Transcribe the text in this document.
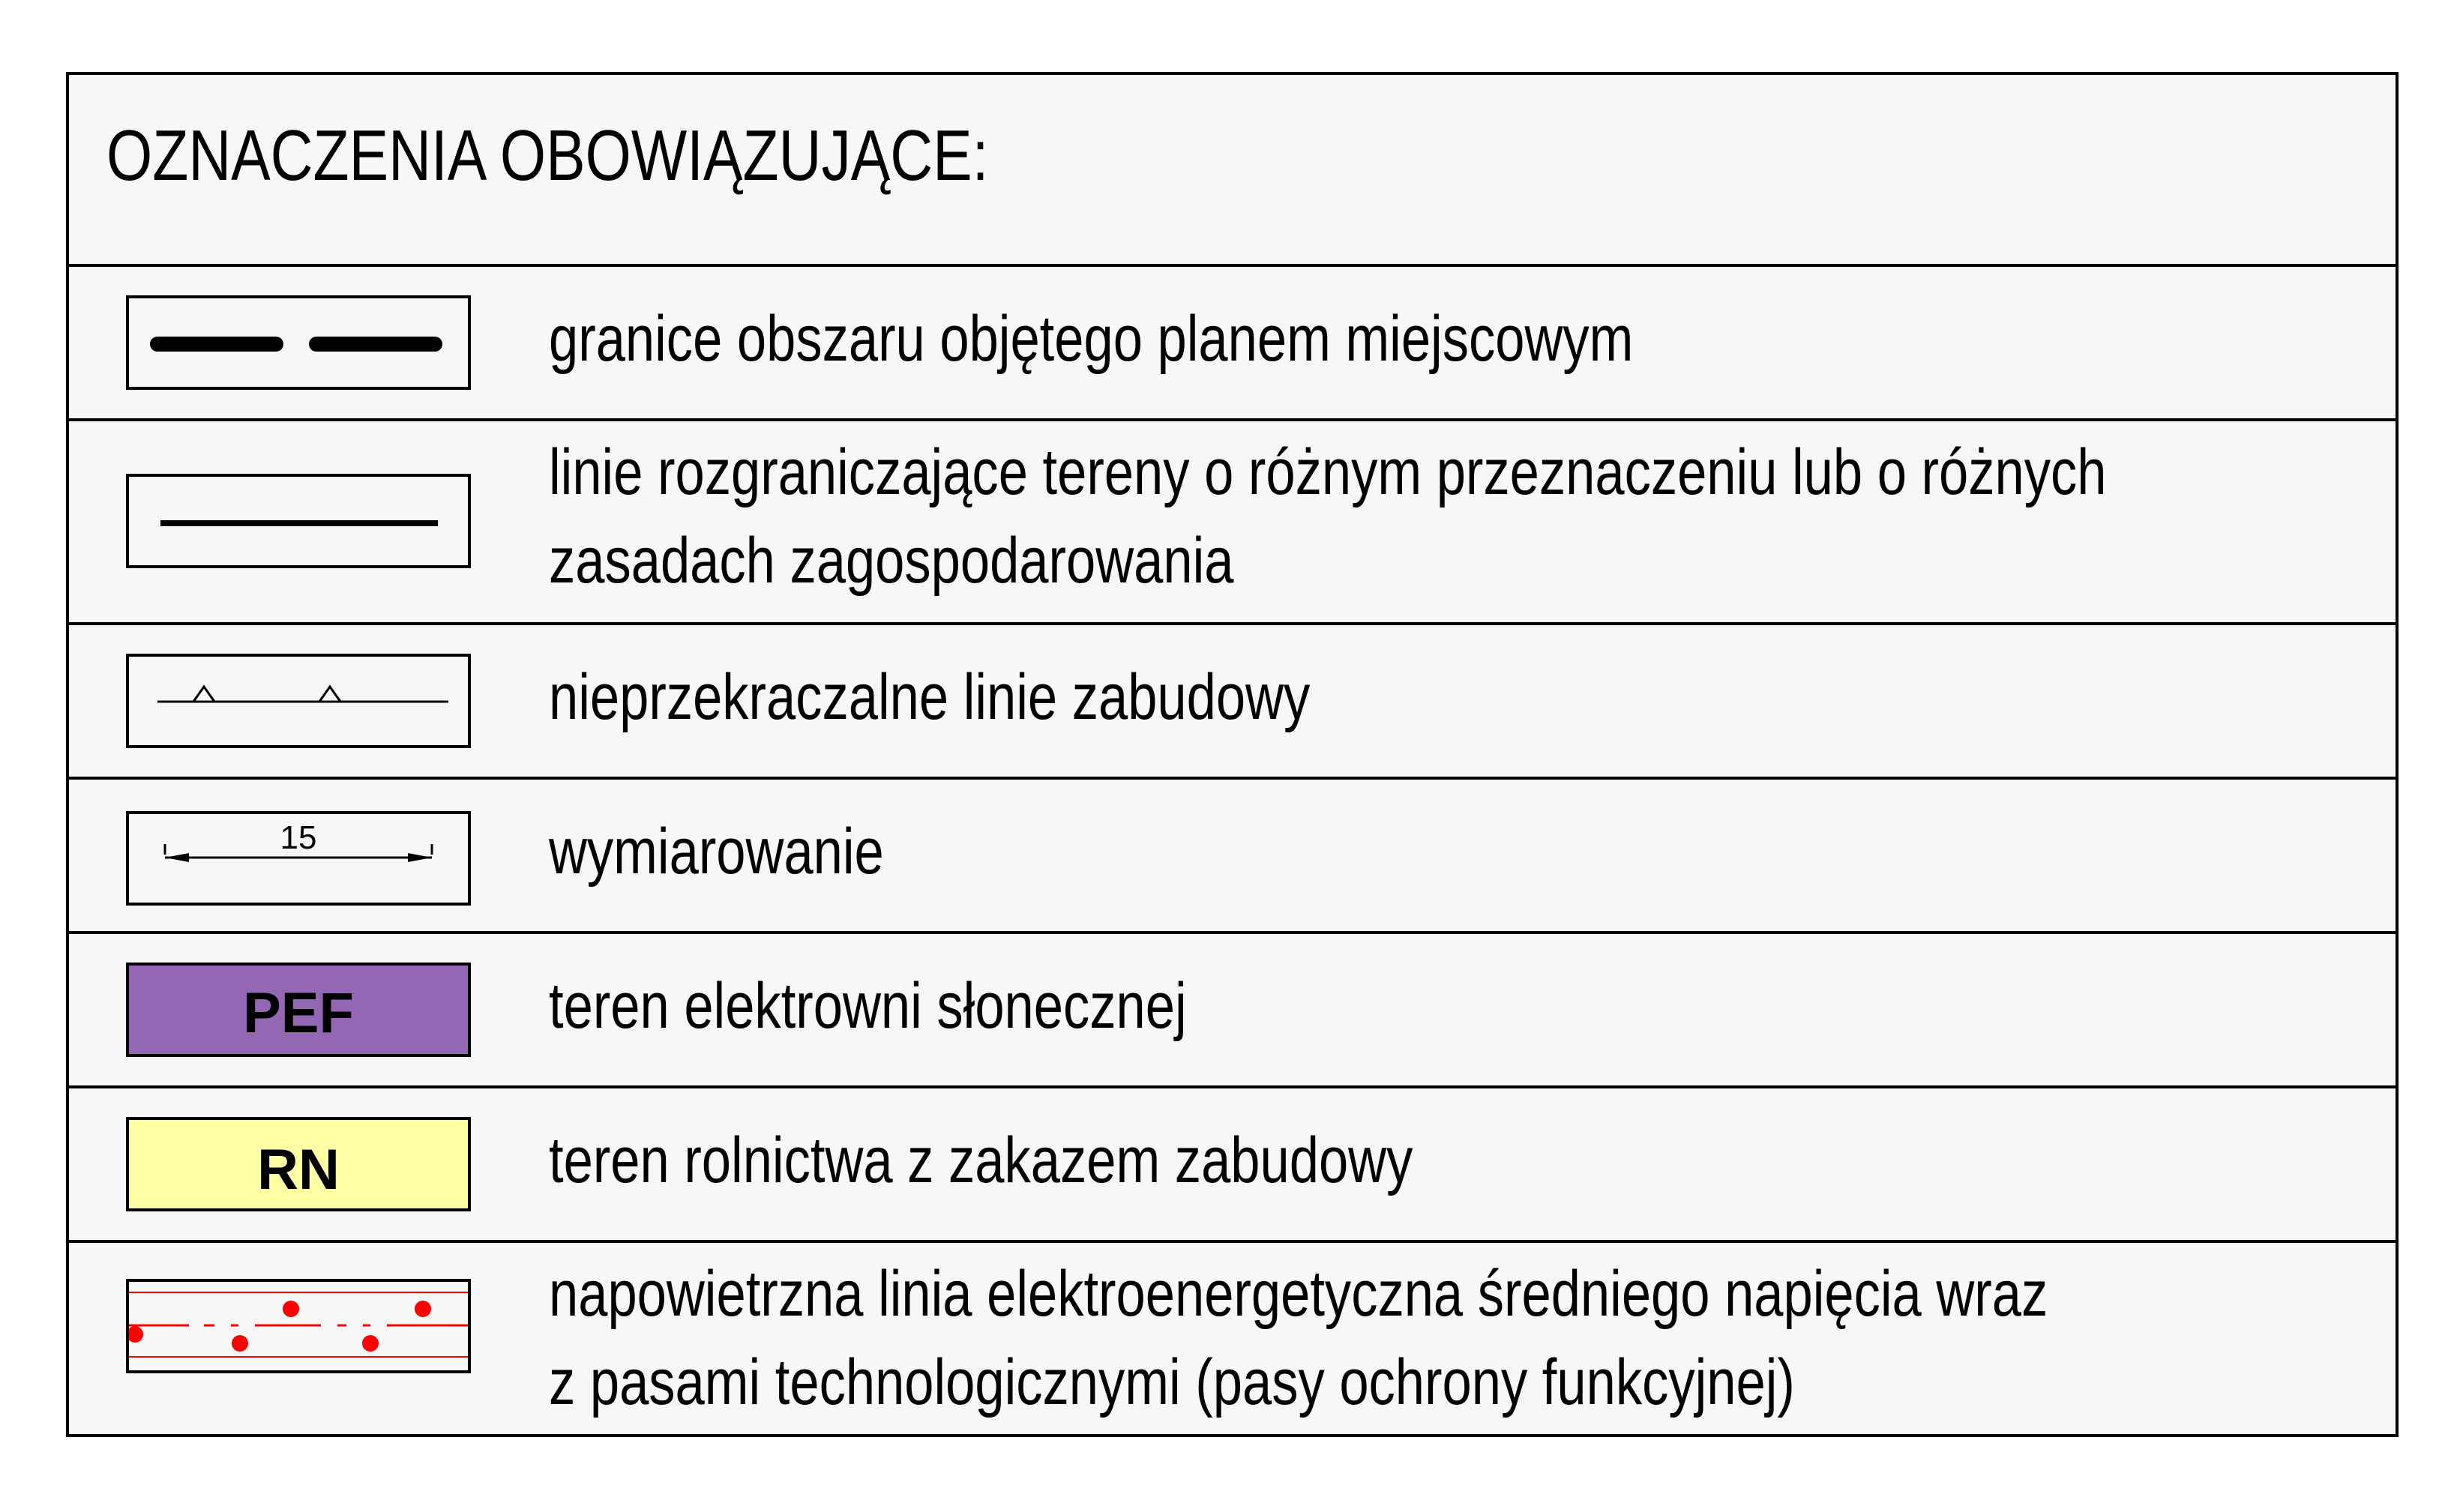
OZNACZENIA OBOWIĄZUJĄCE:
granice obszaru objętego planem miejscowym
linie rozgraniczające tereny o różnym przeznaczeniu lub o różnych
zasadach zagospodarowania
nieprzekraczalne linie zabudowy
15	wymiarowanie
PEF	teren elektrowni słonecznej
RN	teren rolnictwa z zakazem zabudowy
napowietrzna linia elektroenergetyczna średniego napięcia wraz
z pasami technologicznymi (pasy ochrony funkcyjnej)
